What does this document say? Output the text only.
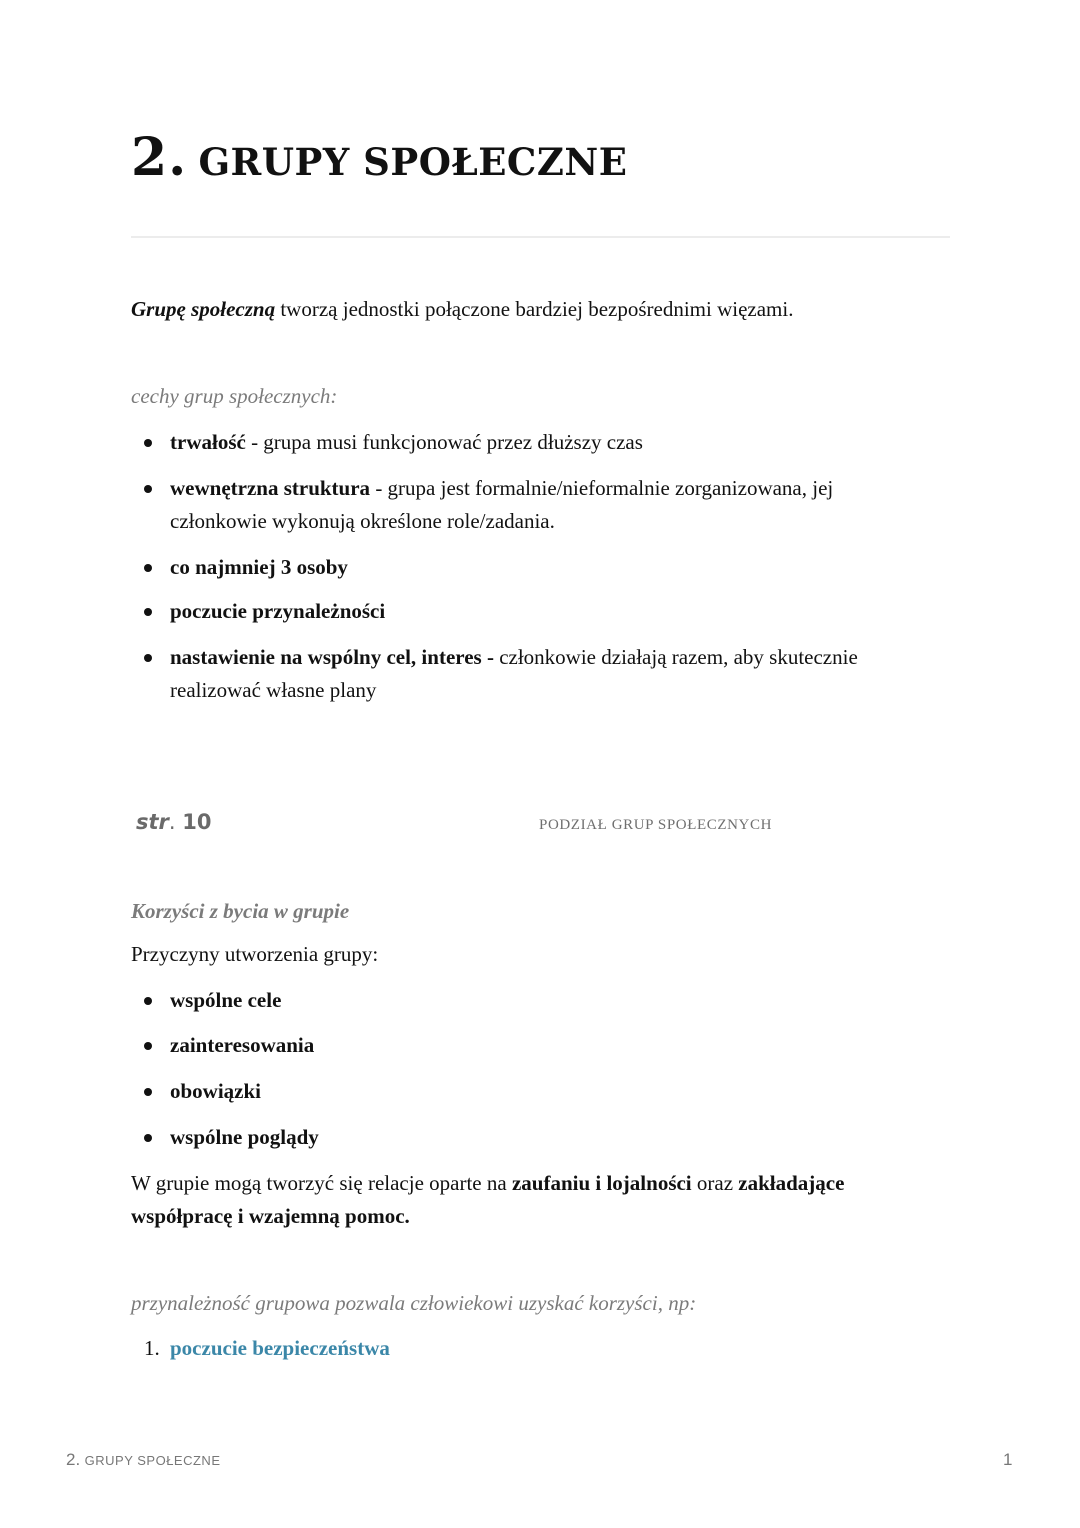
2. GRUPY SPOŁECZNE

Grupę społeczną tworzą jednostki połączone bardziej bezpośrednimi więzami.

cechy grup społecznych:

trwałość - grupa musi funkcjonować przez dłuższy czas
wewnętrzna struktura - grupa jest formalnie/nieformalnie zorganizowana, jej
członkowie wykonują określone role/zadania.
co najmniej 3 osoby
poczucie przynależności
nastawienie na wspólny cel, interes - członkowie działają razem, aby skutecznie
realizować własne plany
str. 10	PODZIAŁ GRUP SPOŁECZNYCH

Korzyści z bycia w grupie

Przyczyny utworzenia grupy:

wspólne cele
zainteresowania
obowiązki
wspólne poglądy

W grupie mogą tworzyć się relacje oparte na zaufaniu i lojalności oraz zakładające
współpracę i wzajemną pomoc.

przynależność grupowa pozwala człowiekowi uzyskać korzyści, np:

1. poczucie bezpieczeństwa
2. GRUPY SPOŁECZNE	1
